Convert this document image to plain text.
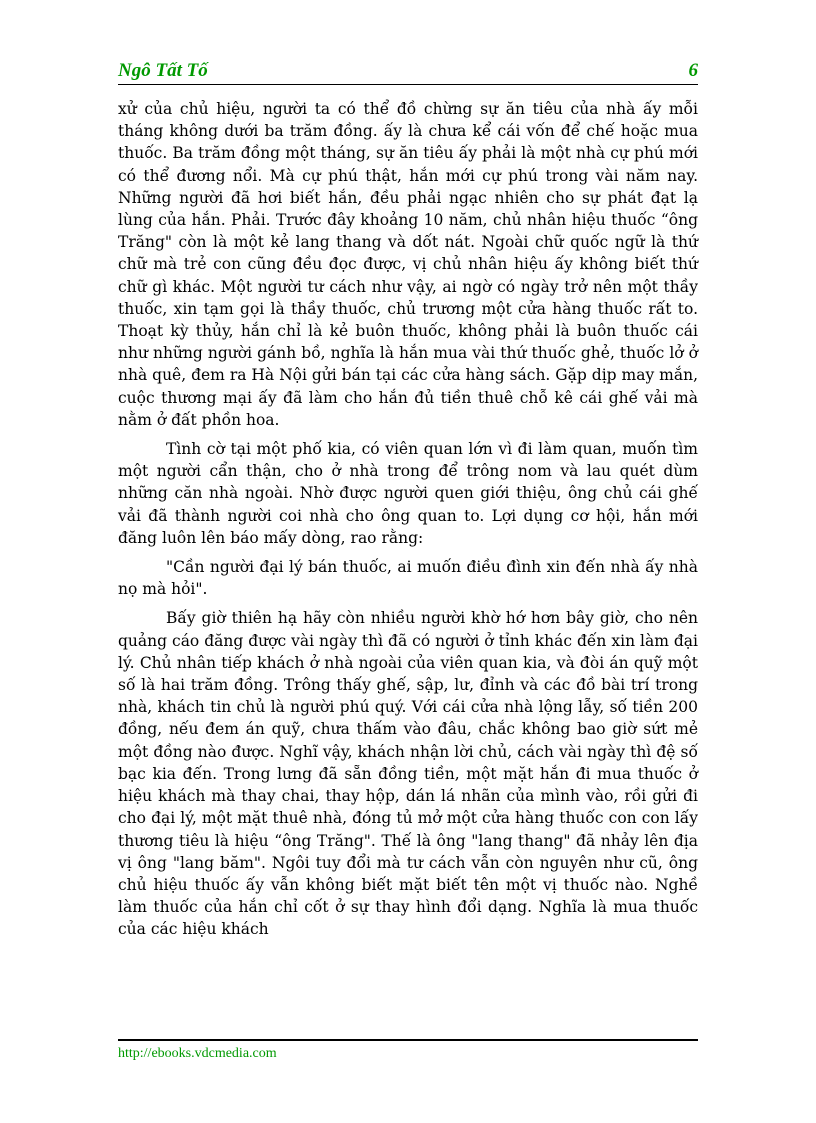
Ngô Tất Tố	6

xử của chủ hiệu, người ta có thể đồ chừng sự ăn tiêu của nhà ấy mỗi tháng không dưới ba trăm đồng. ấy là chưa kể cái vốn để chế hoặc mua thuốc. Ba trăm đồng một tháng, sự ăn tiêu ấy phải là một nhà cự phú mới có thể đương nổi. Mà cự phú thật, hắn mới cự phú trong vài năm nay. Những người đã hơi biết hắn, đều phải ngạc nhiên cho sự phát đạt lạ lùng của hắn. Phải. Trước đây khoảng 10 năm, chủ nhân hiệu thuốc “ông Trăng" còn là một kẻ lang thang và dốt nát. Ngoài chữ quốc ngữ là thứ chữ mà trẻ con cũng đều đọc được, vị chủ nhân hiệu ấy không biết thứ chữ gì khác. Một người tư cách như vậy, ai ngờ có ngày trở nên một thầy thuốc, xin tạm gọi là thầy thuốc, chủ trương một cửa hàng thuốc rất to. Thoạt kỳ thủy, hắn chỉ là kẻ buôn thuốc, không phải là buôn thuốc cái như những người gánh bồ, nghĩa là hắn mua vài thứ thuốc ghẻ, thuốc lở ở nhà quê, đem ra Hà Nội gửi bán tại các cửa hàng sách. Gặp dịp may mắn, cuộc thương mại ấy đã làm cho hắn đủ tiền thuê chỗ kê cái ghế vải mà nằm ở đất phồn hoa.

Tình cờ tại một phố kia, có viên quan lớn vì đi làm quan, muốn tìm một người cẩn thận, cho ở nhà trong để trông nom và lau quét dùm những căn nhà ngoài. Nhờ được người quen giới thiệu, ông chủ cái ghế vải đã thành người coi nhà cho ông quan to. Lợi dụng cơ hội, hắn mới đăng luôn lên báo mấy dòng, rao rằng:

"Cần người đại lý bán thuốc, ai muốn điều đình xin đến nhà ấy nhà nọ mà hỏi".

Bấy giờ thiên hạ hãy còn nhiều người khờ hớ hơn bây giờ, cho nên quảng cáo đăng được vài ngày thì đã có người ở tỉnh khác đến xin làm đại lý. Chủ nhân tiếp khách ở nhà ngoài của viên quan kia, và đòi án quỹ một số là hai trăm đồng. Trông thấy ghế, sập, lư, đỉnh và các đồ bài trí trong nhà, khách tin chủ là người phú quý. Với cái cửa nhà lộng lẫy, số tiền 200 đồng, nếu đem án quỹ, chưa thấm vào đâu, chắc không bao giờ sứt mẻ một đồng nào được. Nghĩ vậy, khách nhận lời chủ, cách vài ngày thì đệ số bạc kia đến. Trong lưng đã sẵn đồng tiền, một mặt hắn đi mua thuốc ở hiệu khách mà thay chai, thay hộp, dán lá nhãn của mình vào, rồi gửi đi cho đại lý, một mặt thuê nhà, đóng tủ mở một cửa hàng thuốc con con lấy thương tiêu là hiệu “ông Trăng". Thế là ông "lang thang" đã nhảy lên địa vị ông "lang băm". Ngôi tuy đổi mà tư cách vẫn còn nguyên như cũ, ông chủ hiệu thuốc ấy vẫn không biết mặt biết tên một vị thuốc nào. Nghề làm thuốc của hắn chỉ cốt ở sự thay hình đổi dạng. Nghĩa là mua thuốc của các hiệu khách

http://ebooks.vdcmedia.com
